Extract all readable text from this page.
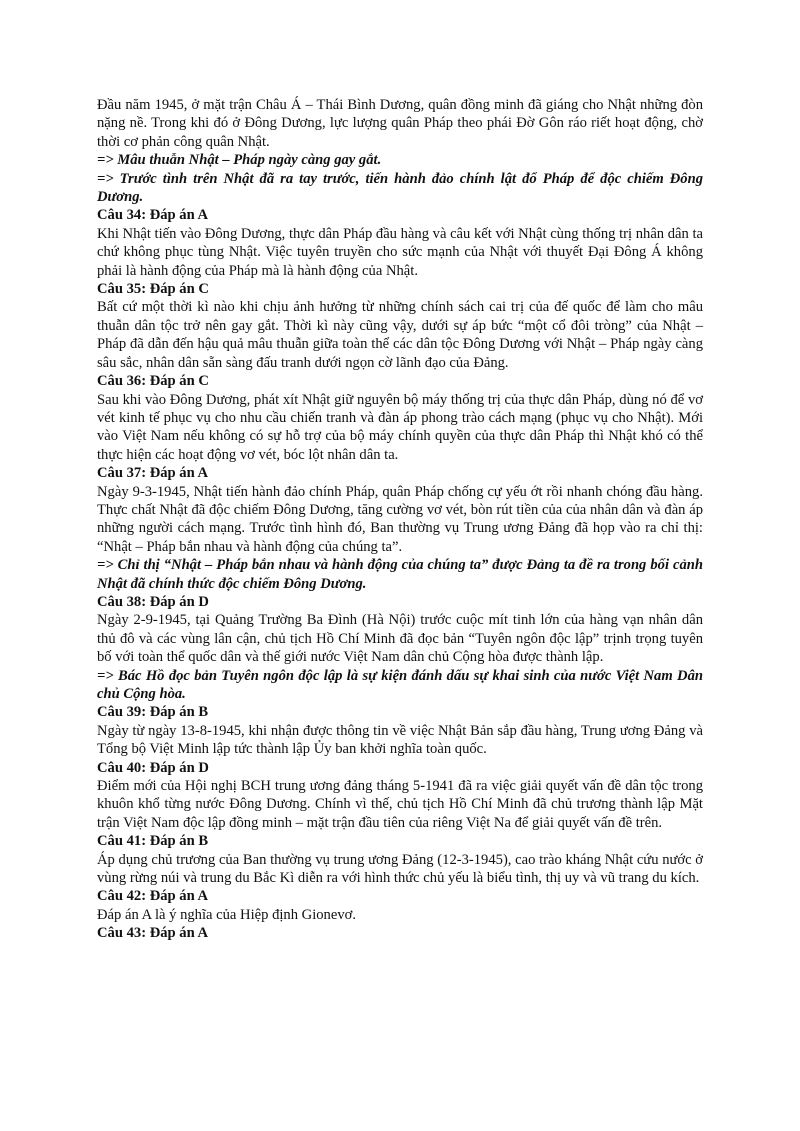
Đầu năm 1945, ở mặt trận Châu Á – Thái Bình Dương, quân đồng minh đã giáng cho Nhật những đòn nặng nề. Trong khi đó ở Đông Dương, lực lượng quân Pháp theo phái Đờ Gôn ráo riết hoạt động, chờ thời cơ phản công quân Nhật.

=> Mâu thuẫn Nhật – Pháp ngày càng gay gắt.

=> Trước tình trên Nhật đã ra tay trước, tiến hành đảo chính lật đổ Pháp để độc chiếm Đông Dương.

Câu 34: Đáp án A

Khi Nhật tiến vào Đông Dương, thực dân Pháp đầu hàng và câu kết với Nhật cùng thống trị nhân dân ta chứ không phục tùng Nhật. Việc tuyên truyền cho sức mạnh của Nhật với thuyết Đại Đông Á không phải là hành động của Pháp mà là hành động của Nhật.

Câu 35: Đáp án C

Bất cứ một thời kì nào khi chịu ảnh hưởng từ những chính sách cai trị của đế quốc để làm cho mâu thuẫn dân tộc trở nên gay gắt. Thời kì này cũng vậy, dưới sự áp bức “một cổ đôi tròng” của Nhật – Pháp đã dẫn đến hậu quả mâu thuẫn giữa toàn thể các dân tộc Đông Dương với Nhật – Pháp ngày càng sâu sắc, nhân dân sẵn sàng đấu tranh dưới ngọn cờ lãnh đạo của Đảng.

Câu 36: Đáp án C

Sau khi vào Đông Dương, phát xít Nhật giữ nguyên bộ máy thống trị của thực dân Pháp, dùng nó để vơ vét kinh tế phục vụ cho nhu cầu chiến tranh và đàn áp phong trào cách mạng (phục vụ cho Nhật). Mới vào Việt Nam nếu không có sự hỗ trợ của bộ máy chính quyền của thực dân Pháp thì Nhật khó có thể thực hiện các hoạt động vơ vét, bóc lột nhân dân ta.

Câu 37: Đáp án A

Ngày 9-3-1945, Nhật tiến hành đảo chính Pháp, quân Pháp chống cự yếu ớt rồi nhanh chóng đầu hàng. Thực chất Nhật đã độc chiếm Đông Dương, tăng cường vơ vét, bòn rút tiền của của nhân dân và đàn áp những người cách mạng. Trước tình hình đó, Ban thường vụ Trung ương Đảng đã họp vào ra chỉ thị: “Nhật – Pháp bắn nhau và hành động của chúng ta”.

=> Chỉ thị “Nhật – Pháp bắn nhau và hành động của chúng ta” được Đảng ta đề ra trong bối cảnh Nhật đã chính thức độc chiếm Đông Dương.

Câu 38: Đáp án D

Ngày 2-9-1945, tại Quảng Trường Ba Đình (Hà Nội) trước cuộc mít tinh lớn của hàng vạn nhân dân thủ đô và các vùng lân cận, chủ tịch Hồ Chí Minh đã đọc bản “Tuyên ngôn độc lập” trịnh trọng tuyên bố với toàn thể quốc dân và thế giới nước Việt Nam dân chủ Cộng hòa được thành lập.

=> Bác Hồ đọc bản Tuyên ngôn độc lập là sự kiện đánh dấu sự khai sinh của nước Việt Nam Dân chủ Cộng hòa.

Câu 39: Đáp án B

Ngày từ ngày 13-8-1945, khi nhận được thông tin về việc Nhật Bản sắp đầu hàng, Trung ương Đảng và Tổng bộ Việt Minh lập tức thành lập Ủy ban khởi nghĩa toàn quốc.

Câu 40: Đáp án D

Điểm mới của Hội nghị BCH trung ương đảng tháng 5-1941 đã ra việc giải quyết vấn đề dân tộc trong khuôn khổ từng nước Đông Dương. Chính vì thế, chủ tịch Hồ Chí Minh đã chủ trương thành lập Mặt trận Việt Nam độc lập đồng minh – mặt trận đầu tiên của riêng Việt Na để giải quyết vấn đề trên.

Câu 41: Đáp án B

Áp dụng chủ trương của Ban thường vụ trung ương Đảng (12-3-1945), cao trào kháng Nhật cứu nước ở vùng rừng núi và trung du Bắc Kì diễn ra với hình thức chủ yếu là biểu tình, thị uy và vũ trang du kích.

Câu 42: Đáp án A

Đáp án A là ý nghĩa của Hiệp định Gionevơ.

Câu 43: Đáp án A
